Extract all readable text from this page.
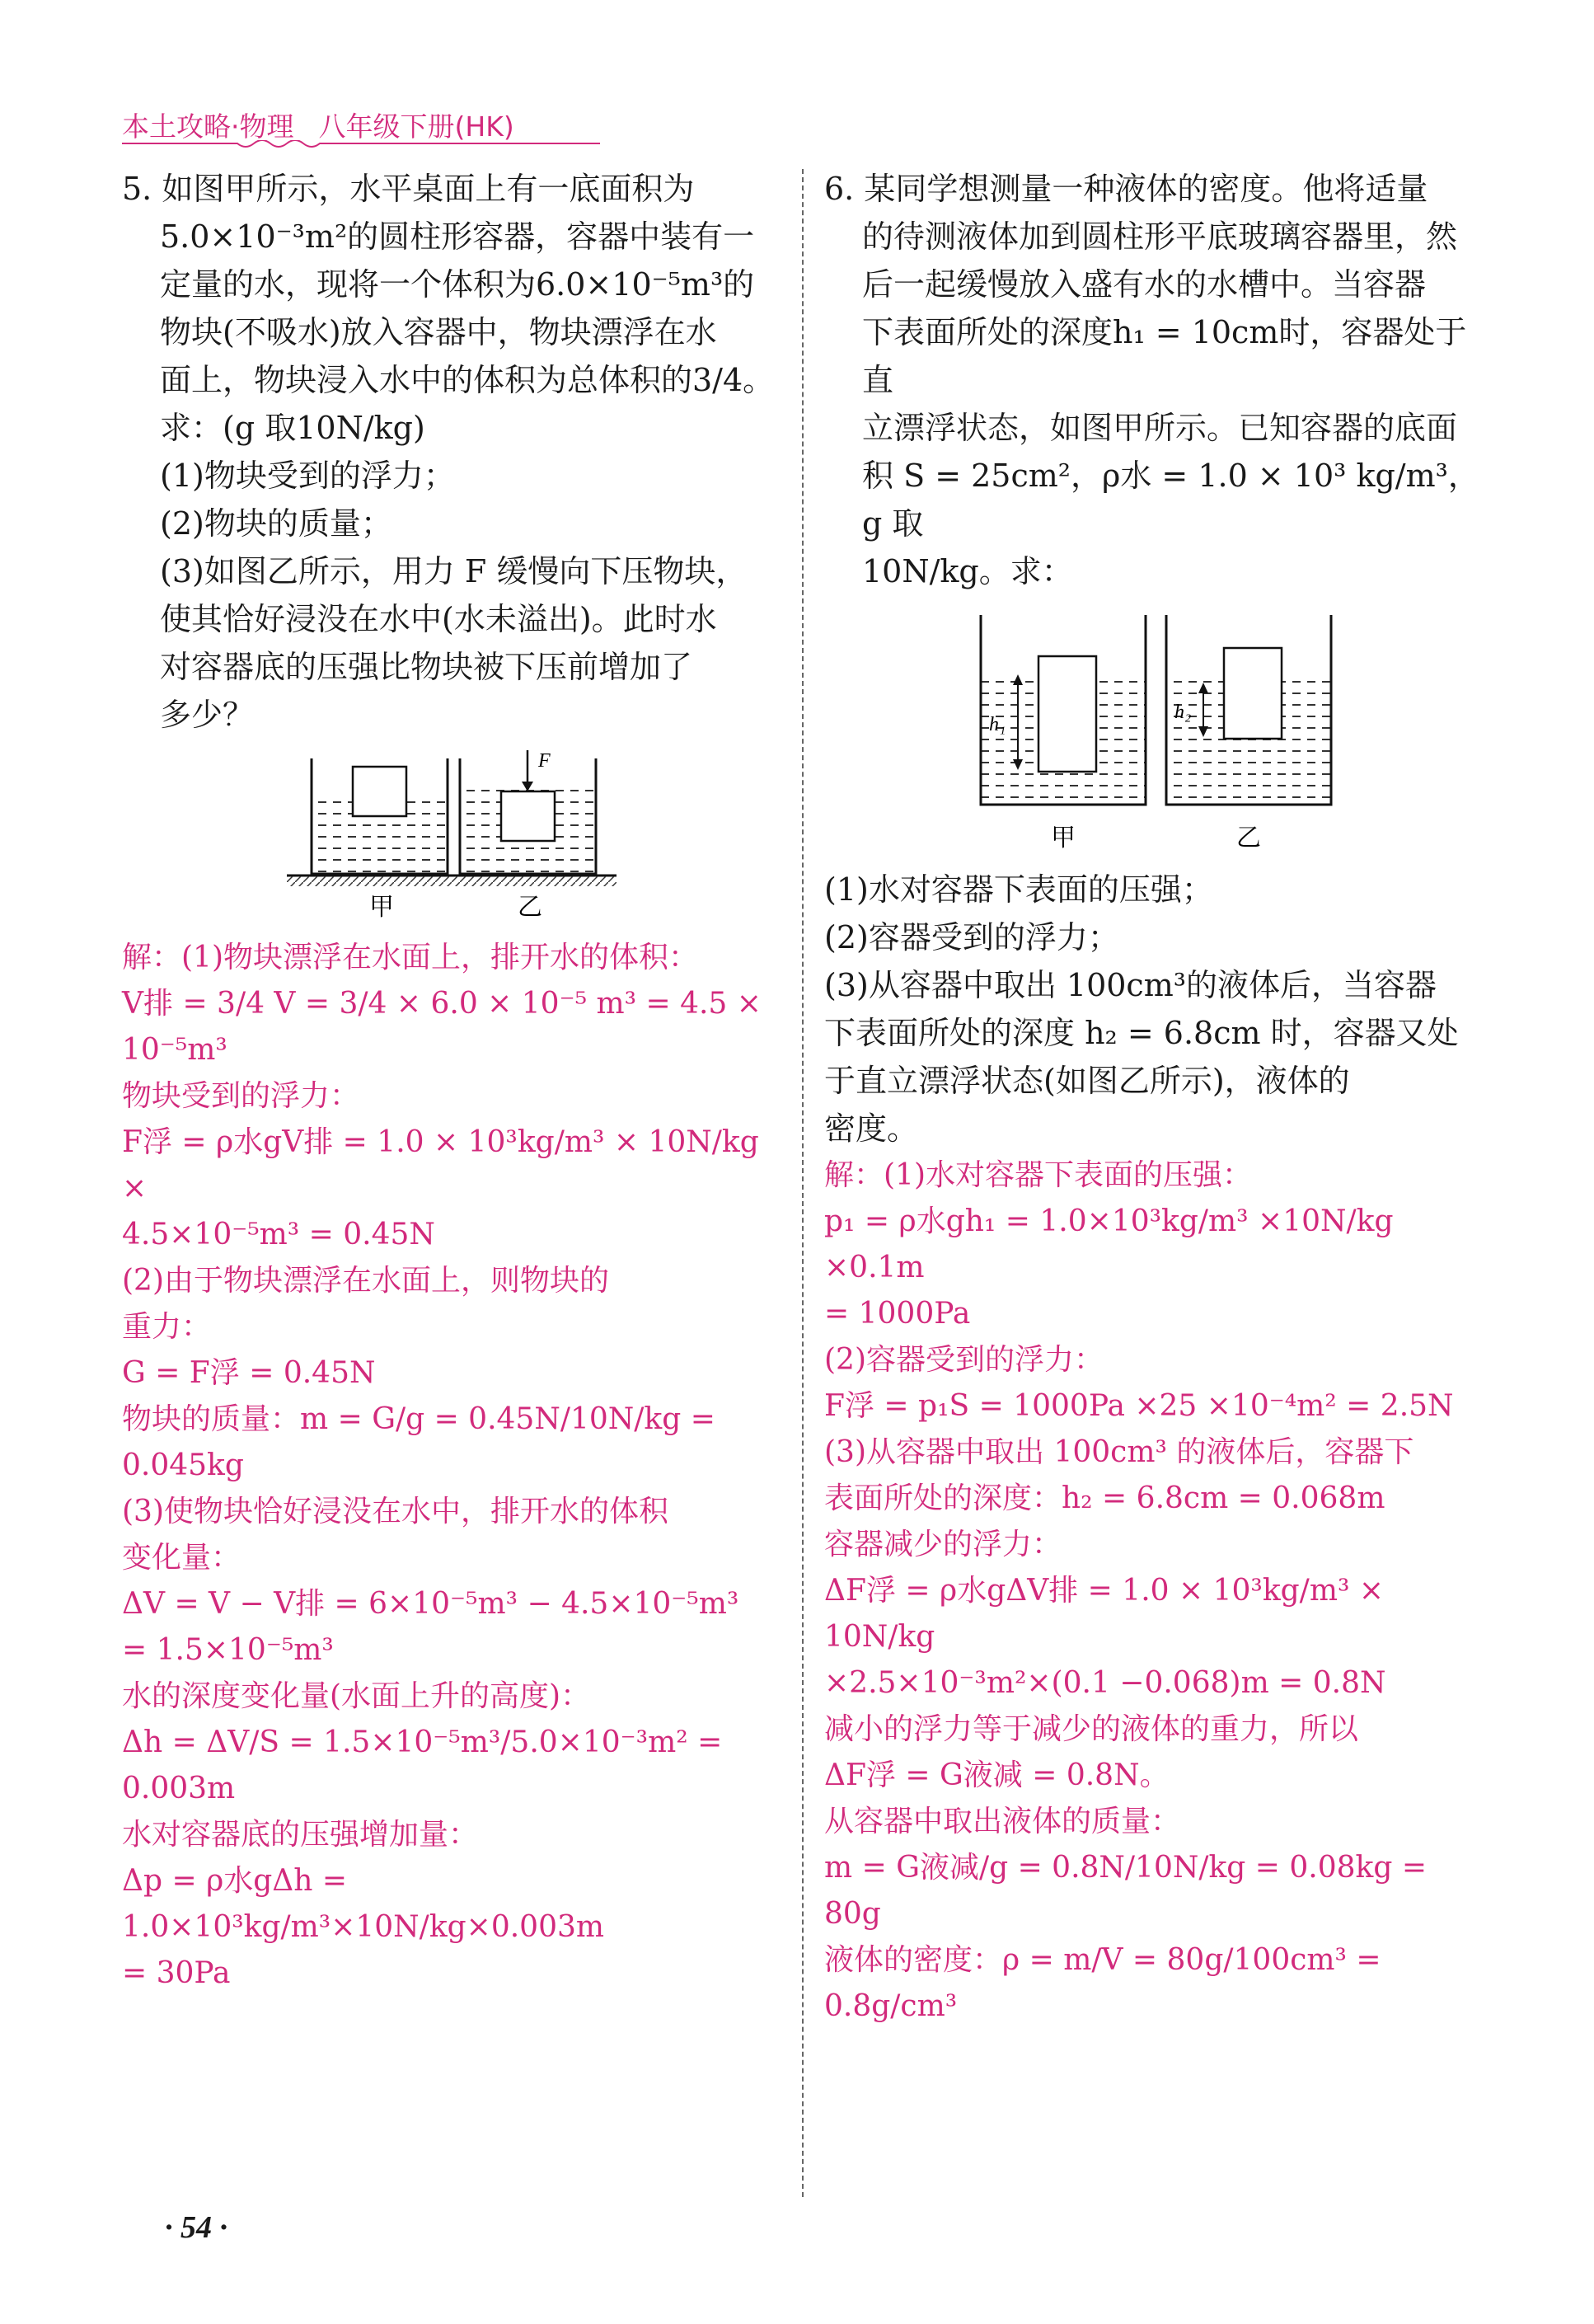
本土攻略·物理 八年级下册(HK)

5. 如图甲所示，水平桌面上有一底面积为

5.0×10⁻³m²的圆柱形容器，容器中装有一

定量的水，现将一个体积为6.0×10⁻⁵m³的

物块(不吸水)放入容器中，物块漂浮在水

面上，物块浸入水中的体积为总体积的3/4。

求：(g 取10N/kg)

(1)物块受到的浮力；

(2)物块的质量；

(3)如图乙所示，用力 F 缓慢向下压物块，

使其恰好浸没在水中(水未溢出)。此时水

对容器底的压强比物块被下压前增加了

多少？

F
甲	乙

解：(1)物块漂浮在水面上，排开水的体积：

V排 = 3/4 V = 3/4 × 6.0 × 10⁻⁵ m³ = 4.5 ×

10⁻⁵m³

物块受到的浮力：

F浮 = ρ水gV排 = 1.0 × 10³kg/m³ × 10N/kg ×

4.5×10⁻⁵m³ = 0.45N

(2)由于物块漂浮在水面上，则物块的

重力：

G = F浮 = 0.45N

物块的质量：m = G/g = 0.45N/10N/kg = 0.045kg

(3)使物块恰好浸没在水中，排开水的体积

变化量：

ΔV = V − V排 = 6×10⁻⁵m³ − 4.5×10⁻⁵m³

= 1.5×10⁻⁵m³

水的深度变化量(水面上升的高度)：

Δh = ΔV/S = 1.5×10⁻⁵m³/5.0×10⁻³m² = 0.003m

水对容器底的压强增加量：

Δp = ρ水gΔh = 1.0×10³kg/m³×10N/kg×0.003m

= 30Pa

6. 某同学想测量一种液体的密度。他将适量

的待测液体加到圆柱形平底玻璃容器里，然

后一起缓慢放入盛有水的水槽中。当容器

下表面所处的深度h₁ = 10cm时，容器处于直

立漂浮状态，如图甲所示。已知容器的底面

积 S = 25cm²，ρ水 = 1.0 × 10³ kg/m³，g 取

10N/kg。求：

h₁
h₂
甲	乙

(1)水对容器下表面的压强；

(2)容器受到的浮力；

(3)从容器中取出 100cm³的液体后，当容器

下表面所处的深度 h₂ = 6.8cm 时，容器又处

于直立漂浮状态(如图乙所示)，液体的

密度。

解：(1)水对容器下表面的压强：

p₁ = ρ水gh₁ = 1.0×10³kg/m³ ×10N/kg ×0.1m

= 1000Pa

(2)容器受到的浮力：

F浮 = p₁S = 1000Pa ×25 ×10⁻⁴m² = 2.5N

(3)从容器中取出 100cm³ 的液体后，容器下

表面所处的深度：h₂ = 6.8cm = 0.068m

容器减少的浮力：

ΔF浮 = ρ水gΔV排 = 1.0 × 10³kg/m³ × 10N/kg

×2.5×10⁻³m²×(0.1 −0.068)m = 0.8N

减小的浮力等于减少的液体的重力，所以

ΔF浮 = G液减 = 0.8N。

从容器中取出液体的质量：

m = G液减/g = 0.8N/10N/kg = 0.08kg = 80g

液体的密度：ρ = m/V = 80g/100cm³ = 0.8g/cm³

· 54 ·
